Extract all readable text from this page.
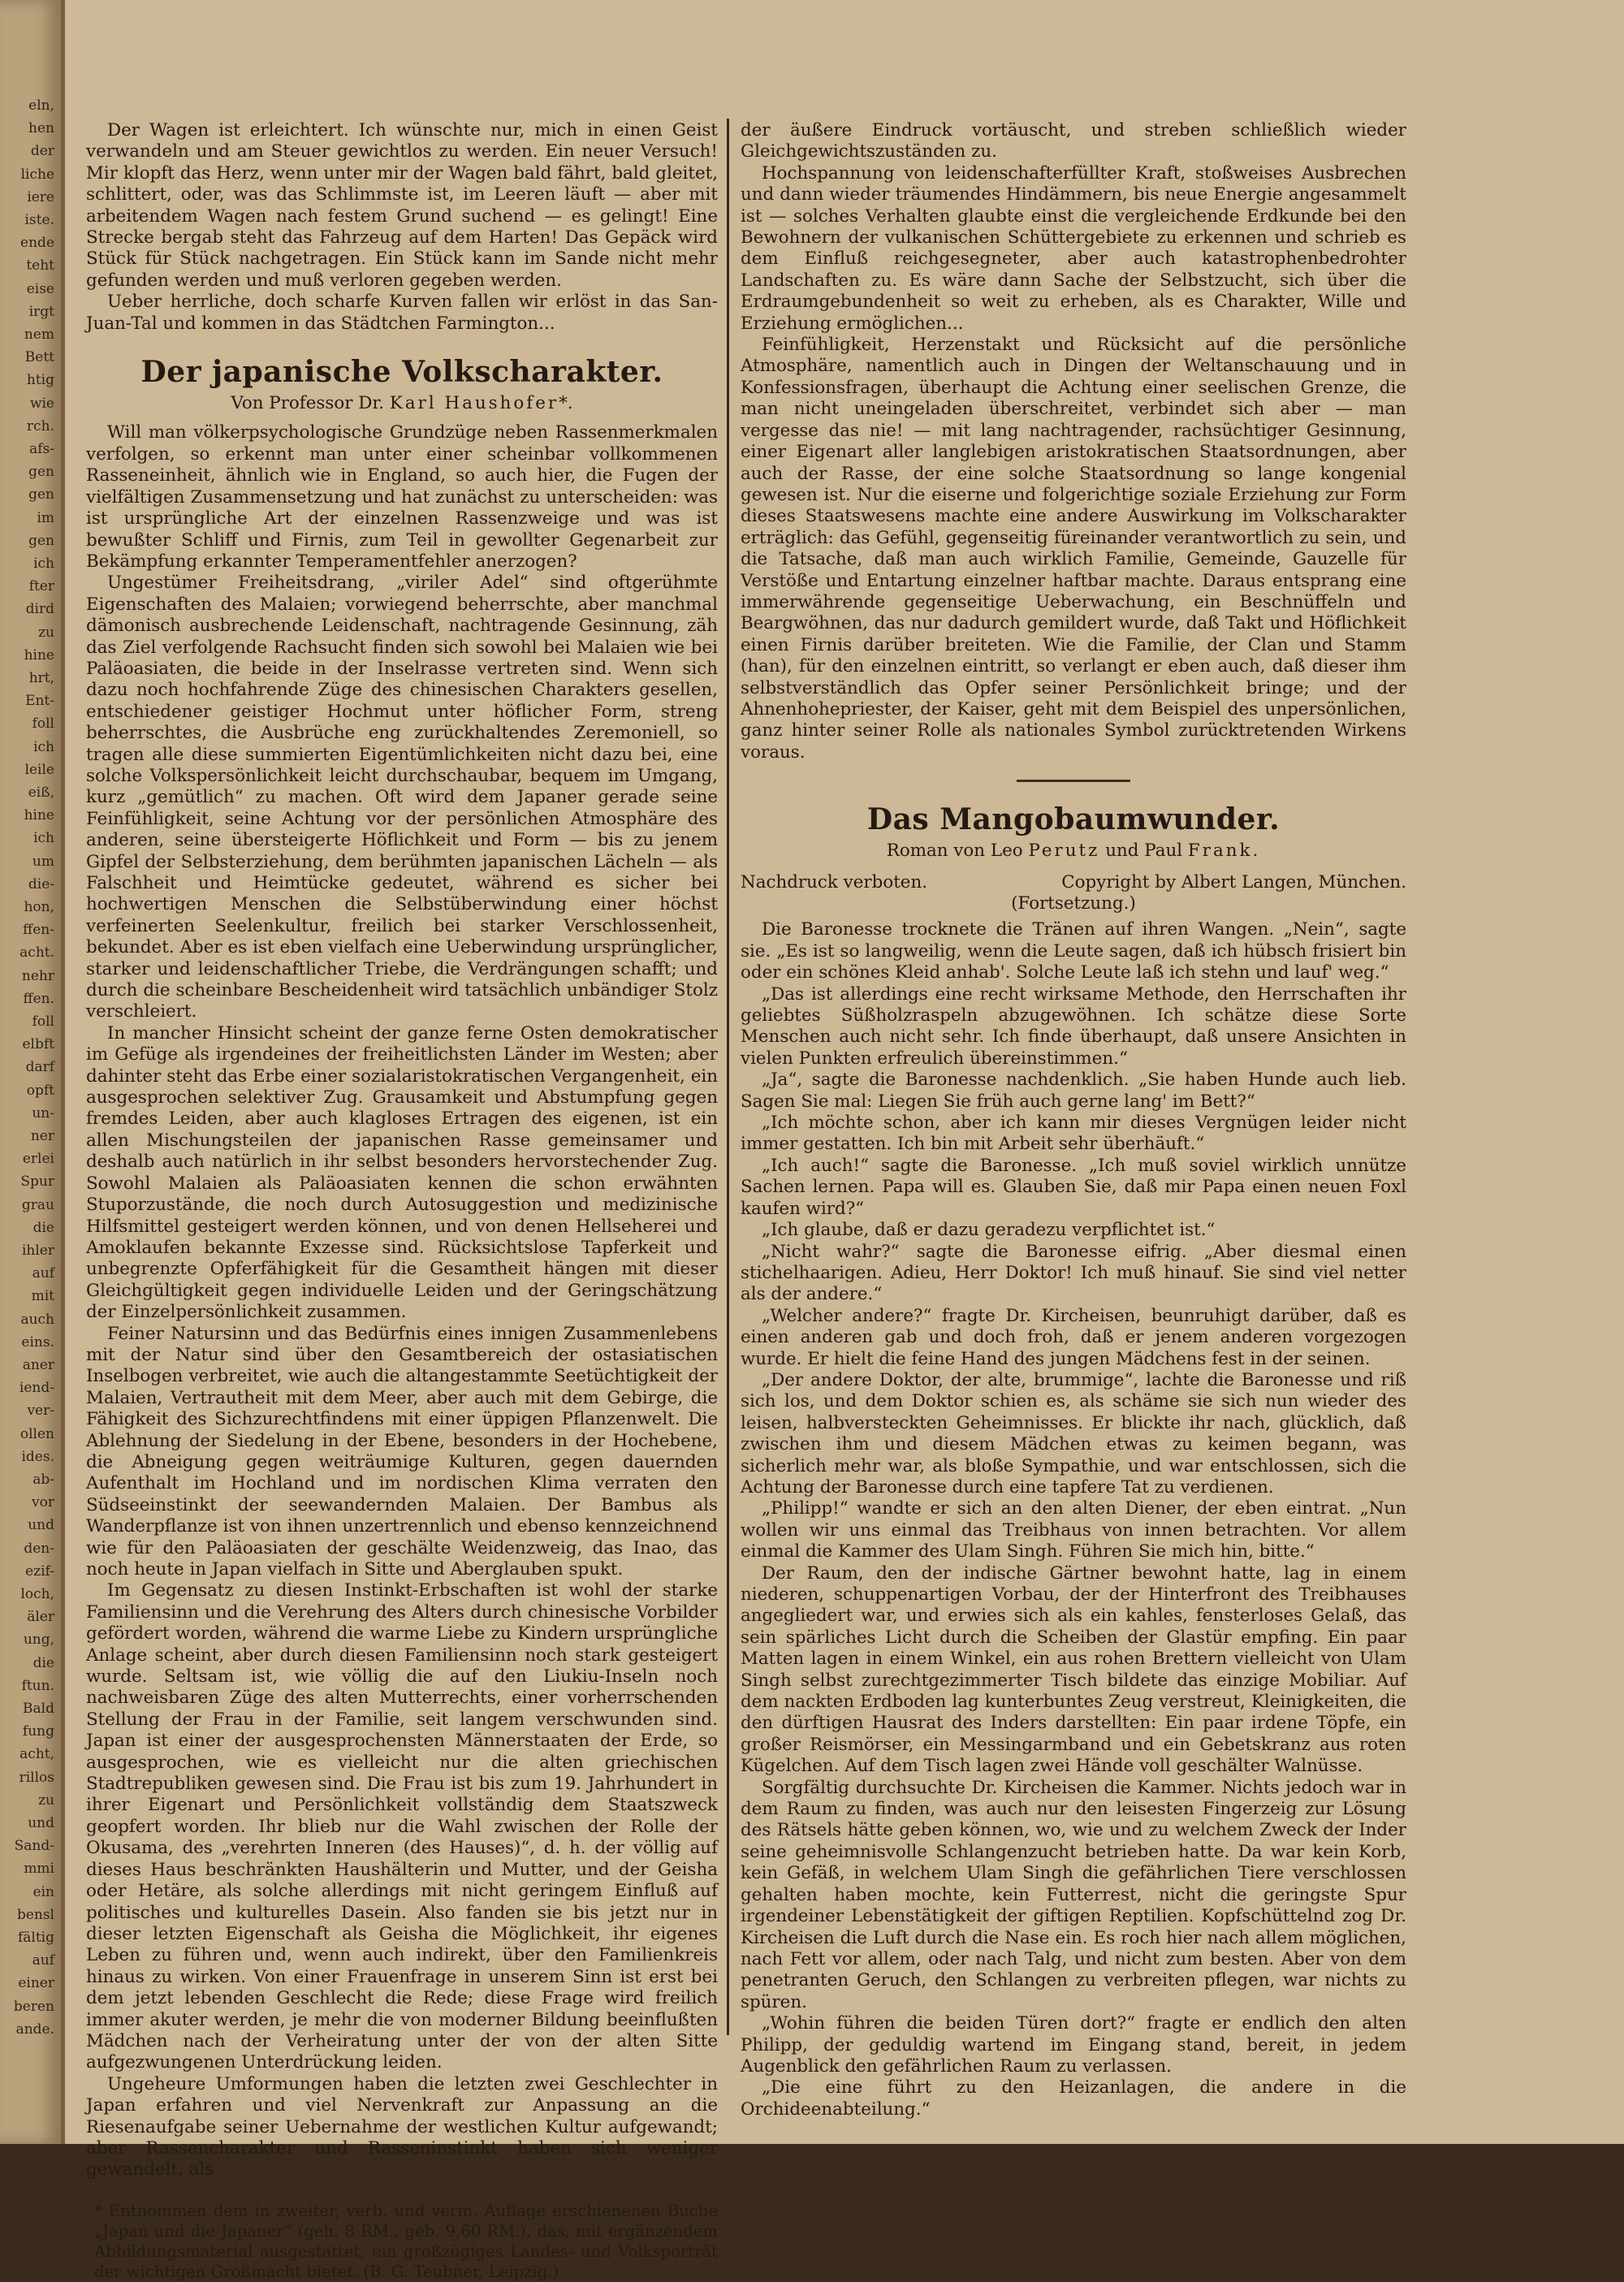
eln,
hen
der
liche
iere
iste.
ende
teht
eise
irgt
nem
Bett
htig
wie
rch.
afs-
gen
gen
im
gen
ich
fter
dird
zu
hine
hrt,
Ent-
foll
ich
leile
eiß,
hine
ich
um
die-
hon,
ffen-
acht.
nehr
ffen.
foll
elbft
darf
opft
un-
ner
erlei
Spur
grau
die
ihler
auf
mit
auch
eins.
aner
iend-
ver-
ollen
ides.
ab-
vor
und
den-
ezif-
loch,
äler
ung,
die
ftun.
Bald
fung
acht,
rillos
zu
und
Sand-
mmi
ein
bensl
fältig
auf
einer
beren
ande.

Der Wagen ist erleichtert. Ich wünschte nur, mich in einen Geist verwandeln und am Steuer gewichtlos zu werden. Ein neuer Versuch! Mir klopft das Herz, wenn unter mir der Wagen bald fährt, bald gleitet, schlittert, oder, was das Schlimmste ist, im Leeren läuft — aber mit arbeitendem Wagen nach festem Grund suchend — es gelingt! Eine Strecke bergab steht das Fahrzeug auf dem Harten! Das Gepäck wird Stück für Stück nachgetragen. Ein Stück kann im Sande nicht mehr gefunden werden und muß verloren gegeben werden.

Ueber herrliche, doch scharfe Kurven fallen wir erlöst in das San-Juan-Tal und kommen in das Städtchen Farmington...

Der japanische Volkscharakter.

Von Professor Dr. Karl Haushofer*.

Will man völkerpsychologische Grundzüge neben Rassenmerkmalen verfolgen, so erkennt man unter einer scheinbar vollkommenen Rasseneinheit, ähnlich wie in England, so auch hier, die Fugen der vielfältigen Zusammensetzung und hat zunächst zu unterscheiden: was ist ursprüngliche Art der einzelnen Rassenzweige und was ist bewußter Schliff und Firnis, zum Teil in gewollter Gegenarbeit zur Bekämpfung erkannter Temperamentfehler anerzogen?

Ungestümer Freiheitsdrang, „viriler Adel“ sind oftgerühmte Eigenschaften des Malaien; vorwiegend beherrschte, aber manchmal dämonisch ausbrechende Leidenschaft, nachtragende Gesinnung, zäh das Ziel verfolgende Rachsucht finden sich sowohl bei Malaien wie bei Paläoasiaten, die beide in der Inselrasse vertreten sind. Wenn sich dazu noch hochfahrende Züge des chinesischen Charakters gesellen, entschiedener geistiger Hochmut unter höflicher Form, streng beherrschtes, die Ausbrüche eng zurückhaltendes Zeremoniell, so tragen alle diese summierten Eigentümlichkeiten nicht dazu bei, eine solche Volkspersönlichkeit leicht durchschaubar, bequem im Umgang, kurz „gemütlich“ zu machen. Oft wird dem Japaner gerade seine Feinfühligkeit, seine Achtung vor der persönlichen Atmosphäre des anderen, seine übersteigerte Höflichkeit und Form — bis zu jenem Gipfel der Selbsterziehung, dem berühmten japanischen Lächeln — als Falschheit und Heimtücke gedeutet, während es sicher bei hochwertigen Menschen die Selbstüberwindung einer höchst verfeinerten Seelenkultur, freilich bei starker Verschlossenheit, bekundet. Aber es ist eben vielfach eine Ueberwindung ursprünglicher, starker und leidenschaftlicher Triebe, die Verdrängungen schafft; und durch die scheinbare Bescheidenheit wird tatsächlich unbändiger Stolz verschleiert.

In mancher Hinsicht scheint der ganze ferne Osten demokratischer im Gefüge als irgendeines der freiheitlichsten Länder im Westen; aber dahinter steht das Erbe einer sozialaristokratischen Vergangenheit, ein ausgesprochen selektiver Zug. Grausamkeit und Abstumpfung gegen fremdes Leiden, aber auch klagloses Ertragen des eigenen, ist ein allen Mischungsteilen der japanischen Rasse gemeinsamer und deshalb auch natürlich in ihr selbst besonders hervorstechender Zug. Sowohl Malaien als Paläoasiaten kennen die schon erwähnten Stuporzustände, die noch durch Autosuggestion und medizinische Hilfsmittel gesteigert werden können, und von denen Hellseherei und Amoklaufen bekannte Exzesse sind. Rücksichtslose Tapferkeit und unbegrenzte Opferfähigkeit für die Gesamtheit hängen mit dieser Gleichgültigkeit gegen individuelle Leiden und der Geringschätzung der Einzelpersönlichkeit zusammen.

Feiner Natursinn und das Bedürfnis eines innigen Zusammenlebens mit der Natur sind über den Gesamtbereich der ostasiatischen Inselbogen verbreitet, wie auch die altangestammte Seetüchtigkeit der Malaien, Vertrautheit mit dem Meer, aber auch mit dem Gebirge, die Fähigkeit des Sichzurechtfindens mit einer üppigen Pflanzenwelt. Die Ablehnung der Siedelung in der Ebene, besonders in der Hochebene, die Abneigung gegen weiträumige Kulturen, gegen dauernden Aufenthalt im Hochland und im nordischen Klima verraten den Südseeinstinkt der seewandernden Malaien. Der Bambus als Wanderpflanze ist von ihnen unzertrennlich und ebenso kennzeichnend wie für den Paläoasiaten der geschälte Weidenzweig, das Inao, das noch heute in Japan vielfach in Sitte und Aberglauben spukt.

Im Gegensatz zu diesen Instinkt-Erbschaften ist wohl der starke Familiensinn und die Verehrung des Alters durch chinesische Vorbilder gefördert worden, während die warme Liebe zu Kindern ursprüngliche Anlage scheint, aber durch diesen Familiensinn noch stark gesteigert wurde. Seltsam ist, wie völlig die auf den Liukiu-Inseln noch nachweisbaren Züge des alten Mutterrechts, einer vorherrschenden Stellung der Frau in der Familie, seit langem verschwunden sind. Japan ist einer der ausgesprochensten Männerstaaten der Erde, so ausgesprochen, wie es vielleicht nur die alten griechischen Stadtrepubliken gewesen sind. Die Frau ist bis zum 19. Jahrhundert in ihrer Eigenart und Persönlichkeit vollständig dem Staatszweck geopfert worden. Ihr blieb nur die Wahl zwischen der Rolle der Okusama, des „verehrten Inneren (des Hauses)“, d. h. der völlig auf dieses Haus beschränkten Haushälterin und Mutter, und der Geisha oder Hetäre, als solche allerdings mit nicht geringem Einfluß auf politisches und kulturelles Dasein. Also fanden sie bis jetzt nur in dieser letzten Eigenschaft als Geisha die Möglichkeit, ihr eigenes Leben zu führen und, wenn auch indirekt, über den Familienkreis hinaus zu wirken. Von einer Frauenfrage in unserem Sinn ist erst bei dem jetzt lebenden Geschlecht die Rede; diese Frage wird freilich immer akuter werden, je mehr die von moderner Bildung beeinflußten Mädchen nach der Verheiratung unter der von der alten Sitte aufgezwungenen Unterdrückung leiden.

Ungeheure Umformungen haben die letzten zwei Geschlechter in Japan erfahren und viel Nervenkraft zur Anpassung an die Riesenaufgabe seiner Uebernahme der westlichen Kultur aufgewandt; aber Rassencharakter und Rasseninstinkt haben sich weniger gewandelt, als

* Entnommen dem in zweiter, verb. und verm. Auflage erschienenen Buche „Japan und die Japaner“ (geh. 8 RM., geb. 9,60 RM.), das, mit ergänzendem Abbildungsmaterial ausgestattet, ein großzügiges Landes- und Volksporträt der wichtigen Großmacht bietet. (B. G. Teubner, Leipzig.)

der äußere Eindruck vortäuscht, und streben schließlich wieder Gleichgewichtszuständen zu.

Hochspannung von leidenschafterfüllter Kraft, stoßweises Ausbrechen und dann wieder träumendes Hindämmern, bis neue Energie angesammelt ist — solches Verhalten glaubte einst die vergleichende Erdkunde bei den Bewohnern der vulkanischen Schüttergebiete zu erkennen und schrieb es dem Einfluß reichgesegneter, aber auch katastrophenbedrohter Landschaften zu. Es wäre dann Sache der Selbstzucht, sich über die Erdraumgebundenheit so weit zu erheben, als es Charakter, Wille und Erziehung ermöglichen...

Feinfühligkeit, Herzenstakt und Rücksicht auf die persönliche Atmosphäre, namentlich auch in Dingen der Weltanschauung und in Konfessionsfragen, überhaupt die Achtung einer seelischen Grenze, die man nicht uneingeladen überschreitet, verbindet sich aber — man vergesse das nie! — mit lang nachtragender, rachsüchtiger Gesinnung, einer Eigenart aller langlebigen aristokratischen Staatsordnungen, aber auch der Rasse, der eine solche Staatsordnung so lange kongenial gewesen ist. Nur die eiserne und folgerichtige soziale Erziehung zur Form dieses Staatswesens machte eine andere Auswirkung im Volkscharakter erträglich: das Gefühl, gegenseitig füreinander verantwortlich zu sein, und die Tatsache, daß man auch wirklich Familie, Gemeinde, Gauzelle für Verstöße und Entartung einzelner haftbar machte. Daraus entsprang eine immerwährende gegenseitige Ueberwachung, ein Beschnüffeln und Beargwöhnen, das nur dadurch gemildert wurde, daß Takt und Höflichkeit einen Firnis darüber breiteten. Wie die Familie, der Clan und Stamm (han), für den einzelnen eintritt, so verlangt er eben auch, daß dieser ihm selbstverständlich das Opfer seiner Persönlichkeit bringe; und der Ahnenhohepriester, der Kaiser, geht mit dem Beispiel des unpersönlichen, ganz hinter seiner Rolle als nationales Symbol zurücktretenden Wirkens voraus.

Das Mangobaumwunder.

Roman von Leo Perutz und Paul Frank.

Nachdruck verboten.	Copyright by Albert Langen, München.

(Fortsetzung.)

Die Baronesse trocknete die Tränen auf ihren Wangen. „Nein“, sagte sie. „Es ist so langweilig, wenn die Leute sagen, daß ich hübsch frisiert bin oder ein schönes Kleid anhab'. Solche Leute laß ich stehn und lauf' weg.“

„Das ist allerdings eine recht wirksame Methode, den Herrschaften ihr geliebtes Süßholzraspeln abzugewöhnen. Ich schätze diese Sorte Menschen auch nicht sehr. Ich finde überhaupt, daß unsere Ansichten in vielen Punkten erfreulich übereinstimmen.“

„Ja“, sagte die Baronesse nachdenklich. „Sie haben Hunde auch lieb. Sagen Sie mal: Liegen Sie früh auch gerne lang' im Bett?“

„Ich möchte schon, aber ich kann mir dieses Vergnügen leider nicht immer gestatten. Ich bin mit Arbeit sehr überhäuft.“

„Ich auch!“ sagte die Baronesse. „Ich muß soviel wirklich unnütze Sachen lernen. Papa will es. Glauben Sie, daß mir Papa einen neuen Foxl kaufen wird?“

„Ich glaube, daß er dazu geradezu verpflichtet ist.“

„Nicht wahr?“ sagte die Baronesse eifrig. „Aber diesmal einen stichelhaarigen. Adieu, Herr Doktor! Ich muß hinauf. Sie sind viel netter als der andere.“

„Welcher andere?“ fragte Dr. Kircheisen, beunruhigt darüber, daß es einen anderen gab und doch froh, daß er jenem anderen vorgezogen wurde. Er hielt die feine Hand des jungen Mädchens fest in der seinen.

„Der andere Doktor, der alte, brummige“, lachte die Baronesse und riß sich los, und dem Doktor schien es, als schäme sie sich nun wieder des leisen, halbversteckten Geheimnisses. Er blickte ihr nach, glücklich, daß zwischen ihm und diesem Mädchen etwas zu keimen begann, was sicherlich mehr war, als bloße Sympathie, und war entschlossen, sich die Achtung der Baronesse durch eine tapfere Tat zu verdienen.

„Philipp!“ wandte er sich an den alten Diener, der eben eintrat. „Nun wollen wir uns einmal das Treibhaus von innen betrachten. Vor allem einmal die Kammer des Ulam Singh. Führen Sie mich hin, bitte.“

Der Raum, den der indische Gärtner bewohnt hatte, lag in einem niederen, schuppenartigen Vorbau, der der Hinterfront des Treibhauses angegliedert war, und erwies sich als ein kahles, fensterloses Gelaß, das sein spärliches Licht durch die Scheiben der Glastür empfing. Ein paar Matten lagen in einem Winkel, ein aus rohen Brettern vielleicht von Ulam Singh selbst zurechtgezimmerter Tisch bildete das einzige Mobiliar. Auf dem nackten Erdboden lag kunterbuntes Zeug verstreut, Kleinigkeiten, die den dürftigen Hausrat des Inders darstellten: Ein paar irdene Töpfe, ein großer Reismörser, ein Messingarmband und ein Gebetskranz aus roten Kügelchen. Auf dem Tisch lagen zwei Hände voll geschälter Walnüsse.

Sorgfältig durchsuchte Dr. Kircheisen die Kammer. Nichts jedoch war in dem Raum zu finden, was auch nur den leisesten Fingerzeig zur Lösung des Rätsels hätte geben können, wo, wie und zu welchem Zweck der Inder seine geheimnisvolle Schlangenzucht betrieben hatte. Da war kein Korb, kein Gefäß, in welchem Ulam Singh die gefährlichen Tiere verschlossen gehalten haben mochte, kein Futterrest, nicht die geringste Spur irgendeiner Lebenstätigkeit der giftigen Reptilien. Kopfschüttelnd zog Dr. Kircheisen die Luft durch die Nase ein. Es roch hier nach allem möglichen, nach Fett vor allem, oder nach Talg, und nicht zum besten. Aber von dem penetranten Geruch, den Schlangen zu verbreiten pflegen, war nichts zu spüren.

„Wohin führen die beiden Türen dort?“ fragte er endlich den alten Philipp, der geduldig wartend im Eingang stand, bereit, in jedem Augenblick den gefährlichen Raum zu verlassen.

„Die eine führt zu den Heizanlagen, die andere in die Orchideenabteilung.“
